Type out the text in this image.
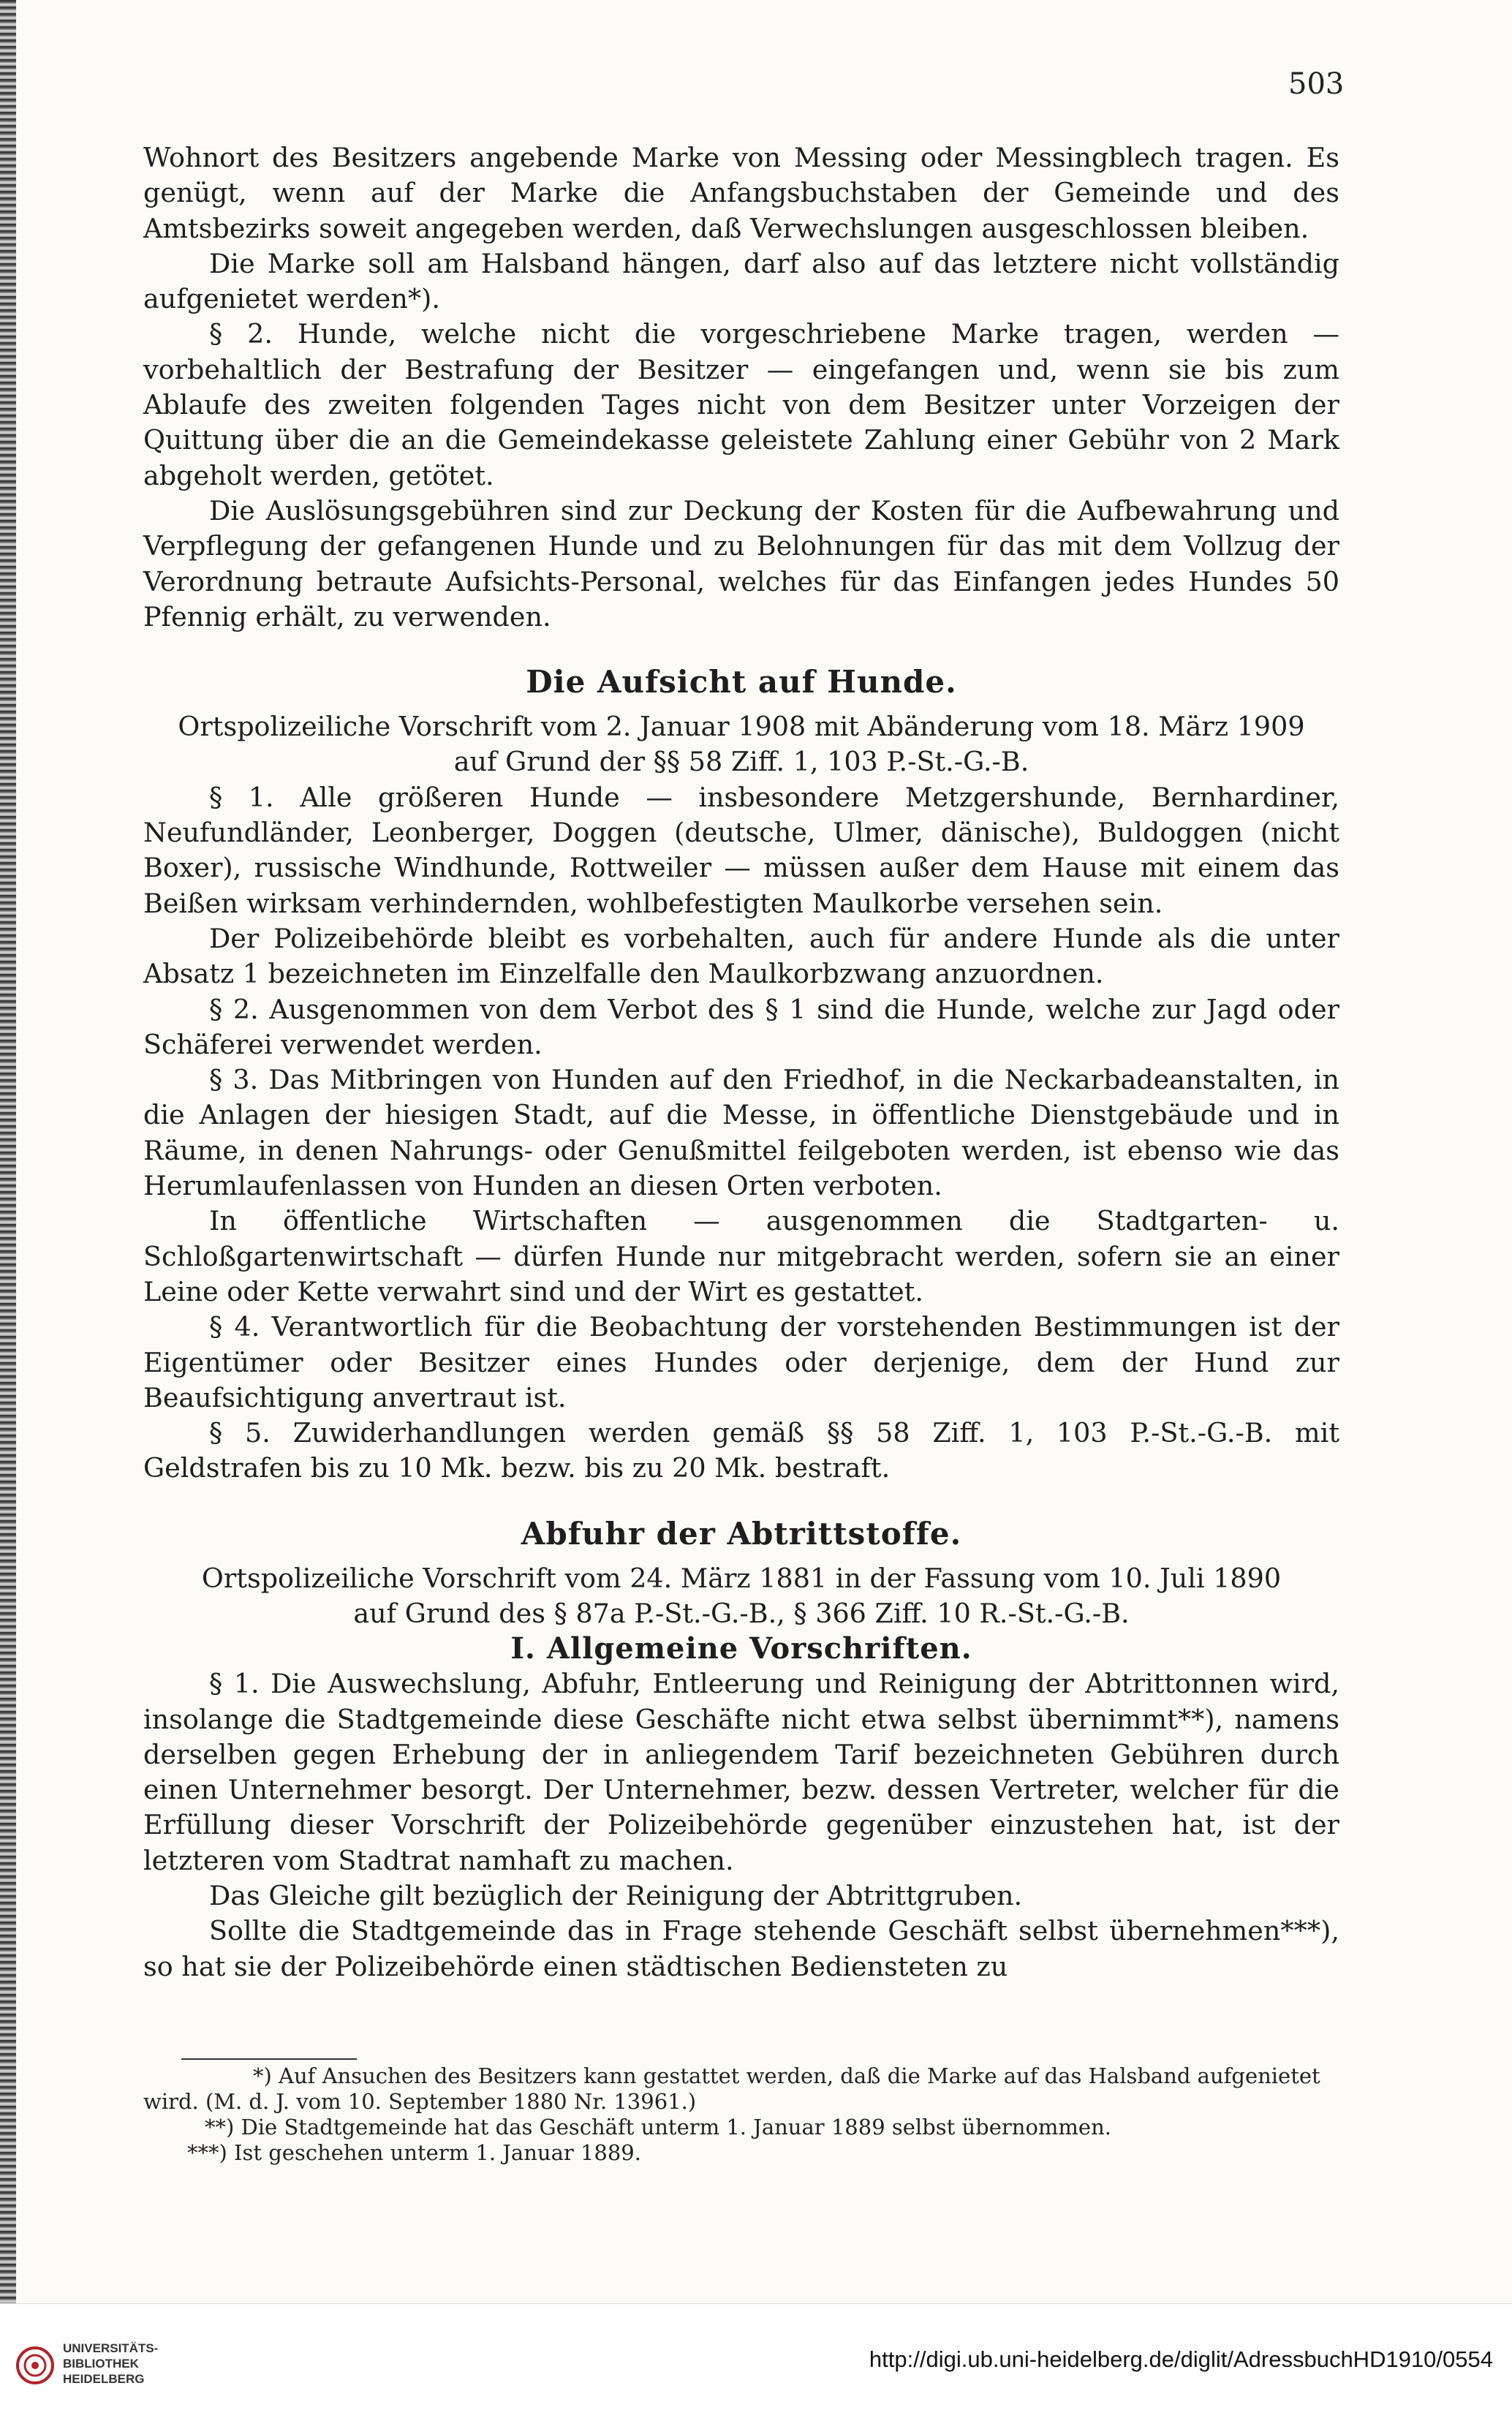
503

Wohnort des Besitzers angebende Marke von Messing oder Messingblech tragen. Es genügt, wenn auf der Marke die Anfangsbuchstaben der Gemeinde und des Amtsbezirks soweit angegeben werden, daß Verwechslungen ausgeschlossen bleiben.

Die Marke soll am Halsband hängen, darf also auf das letztere nicht vollständig aufgenietet werden*).

§ 2. Hunde, welche nicht die vorgeschriebene Marke tragen, werden — vorbehaltlich der Bestrafung der Besitzer — eingefangen und, wenn sie bis zum Ablaufe des zweiten folgenden Tages nicht von dem Besitzer unter Vorzeigen der Quittung über die an die Gemeindekasse geleistete Zahlung einer Gebühr von 2 Mark abgeholt werden, getötet.

Die Auslösungsgebühren sind zur Deckung der Kosten für die Aufbewahrung und Verpflegung der gefangenen Hunde und zu Belohnungen für das mit dem Vollzug der Verordnung betraute Aufsichts-Personal, welches für das Einfangen jedes Hundes 50 Pfennig erhält, zu verwenden.

Die Aufsicht auf Hunde.

Ortspolizeiliche Vorschrift vom 2. Januar 1908 mit Abänderung vom 18. März 1909

auf Grund der §§ 58 Ziff. 1, 103 P.-St.-G.-B.

§ 1. Alle größeren Hunde — insbesondere Metzgershunde, Bernhardiner, Neufundländer, Leonberger, Doggen (deutsche, Ulmer, dänische), Buldoggen (nicht Boxer), russische Windhunde, Rottweiler — müssen außer dem Hause mit einem das Beißen wirksam verhindernden, wohlbefestigten Maulkorbe versehen sein.

Der Polizeibehörde bleibt es vorbehalten, auch für andere Hunde als die unter Absatz 1 bezeichneten im Einzelfalle den Maulkorbzwang anzuordnen.

§ 2. Ausgenommen von dem Verbot des § 1 sind die Hunde, welche zur Jagd oder Schäferei verwendet werden.

§ 3. Das Mitbringen von Hunden auf den Friedhof, in die Neckarbadeanstalten, in die Anlagen der hiesigen Stadt, auf die Messe, in öffentliche Dienstgebäude und in Räume, in denen Nahrungs- oder Genußmittel feilgeboten werden, ist ebenso wie das Herumlaufenlassen von Hunden an diesen Orten verboten.

In öffentliche Wirtschaften — ausgenommen die Stadtgarten- u. Schloßgartenwirtschaft — dürfen Hunde nur mitgebracht werden, sofern sie an einer Leine oder Kette verwahrt sind und der Wirt es gestattet.

§ 4. Verantwortlich für die Beobachtung der vorstehenden Bestimmungen ist der Eigentümer oder Besitzer eines Hundes oder derjenige, dem der Hund zur Beaufsichtigung anvertraut ist.

§ 5. Zuwiderhandlungen werden gemäß §§ 58 Ziff. 1, 103 P.-St.-G.-B. mit Geldstrafen bis zu 10 Mk. bezw. bis zu 20 Mk. bestraft.

Abfuhr der Abtrittstoffe.

Ortspolizeiliche Vorschrift vom 24. März 1881 in der Fassung vom 10. Juli 1890

auf Grund des § 87a P.-St.-G.-B., § 366 Ziff. 10 R.-St.-G.-B.

I. Allgemeine Vorschriften.

§ 1. Die Auswechslung, Abfuhr, Entleerung und Reinigung der Abtrittonnen wird, insolange die Stadtgemeinde diese Geschäfte nicht etwa selbst übernimmt**), namens derselben gegen Erhebung der in anliegendem Tarif bezeichneten Gebühren durch einen Unternehmer besorgt. Der Unternehmer, bezw. dessen Vertreter, welcher für die Erfüllung dieser Vorschrift der Polizeibehörde gegenüber einzustehen hat, ist der letzteren vom Stadtrat namhaft zu machen.

Das Gleiche gilt bezüglich der Reinigung der Abtrittgruben.

Sollte die Stadtgemeinde das in Frage stehende Geschäft selbst übernehmen***), so hat sie der Polizeibehörde einen städtischen Bediensteten zu

*) Auf Ansuchen des Besitzers kann gestattet werden, daß die Marke auf das Halsband aufgenietet wird. (M. d. J. vom 10. September 1880 Nr. 13961.)

**) Die Stadtgemeinde hat das Geschäft unterm 1. Januar 1889 selbst übernommen.

***) Ist geschehen unterm 1. Januar 1889.

UNIVERSITÄTS-
BIBLIOTHEK
HEIDELBERG
http://digi.ub.uni-heidelberg.de/diglit/AdressbuchHD1910/0554
